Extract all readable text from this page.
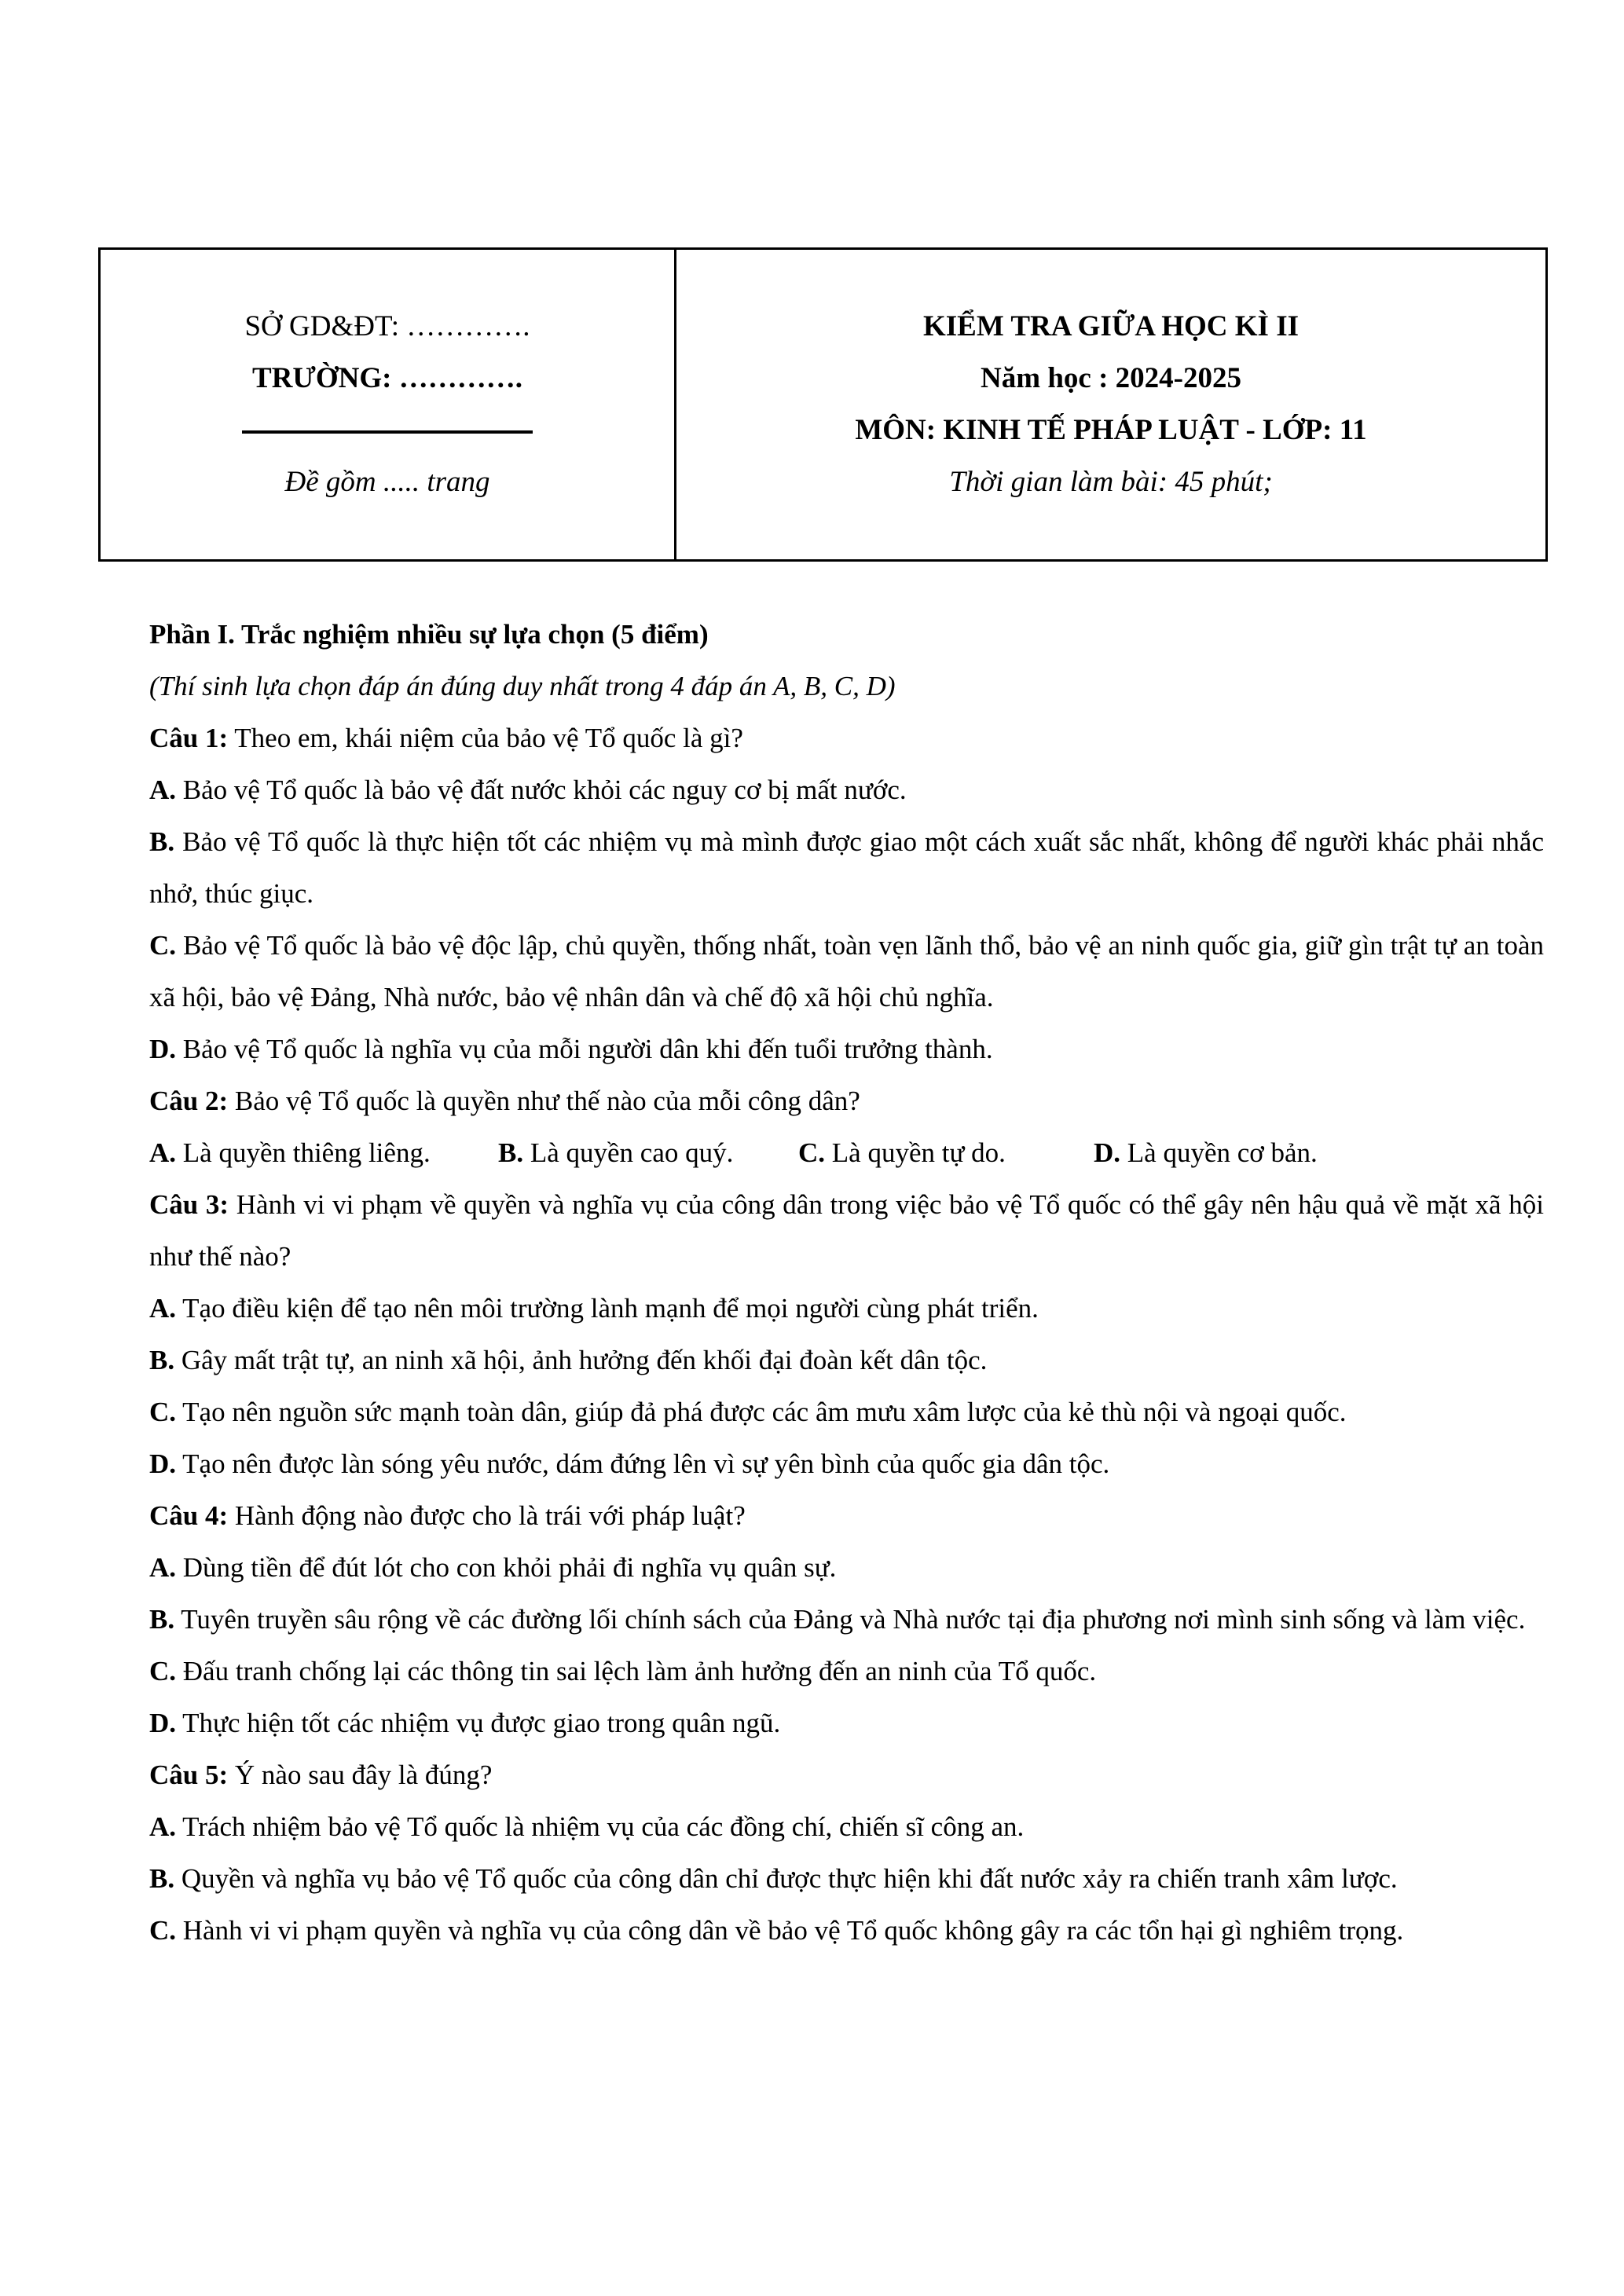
SỞ GD&ĐT: ………….
TRƯỜNG: ………….
Đề gồm ..... trang
KIỂM TRA GIỮA HỌC KÌ II
Năm học : 2024-2025
MÔN: KINH TẾ PHÁP LUẬT - LỚP: 11
Thời gian làm bài: 45 phút;

Phần I. Trắc nghiệm nhiều sự lựa chọn (5 điểm)

(Thí sinh lựa chọn đáp án đúng duy nhất trong 4 đáp án A, B, C, D)

Câu 1: Theo em, khái niệm của bảo vệ Tổ quốc là gì?

A. Bảo vệ Tổ quốc là bảo vệ đất nước khỏi các nguy cơ bị mất nước.

B. Bảo vệ Tổ quốc là thực hiện tốt các nhiệm vụ mà mình được giao một cách xuất sắc nhất, không để người khác phải nhắc nhở, thúc giục.

C. Bảo vệ Tổ quốc là bảo vệ độc lập, chủ quyền, thống nhất, toàn vẹn lãnh thổ, bảo vệ an ninh quốc gia, giữ gìn trật tự an toàn xã hội, bảo vệ Đảng, Nhà nước, bảo vệ nhân dân và chế độ xã hội chủ nghĩa.

D. Bảo vệ Tổ quốc là nghĩa vụ của mỗi người dân khi đến tuổi trưởng thành.

Câu 2: Bảo vệ Tổ quốc là quyền như thế nào của mỗi công dân?

A. Là quyền thiêng liêng. B. Là quyền cao quý. C. Là quyền tự do.	D. Là quyền cơ bản.

Câu 3: Hành vi vi phạm về quyền và nghĩa vụ của công dân trong việc bảo vệ Tổ quốc có thể gây nên hậu quả về mặt xã hội như thế nào?

A. Tạo điều kiện để tạo nên môi trường lành mạnh để mọi người cùng phát triển.

B. Gây mất trật tự, an ninh xã hội, ảnh hưởng đến khối đại đoàn kết dân tộc.

C. Tạo nên nguồn sức mạnh toàn dân, giúp đả phá được các âm mưu xâm lược của kẻ thù nội và ngoại quốc.

D. Tạo nên được làn sóng yêu nước, dám đứng lên vì sự yên bình của quốc gia dân tộc.

Câu 4: Hành động nào được cho là trái với pháp luật?

A. Dùng tiền để đút lót cho con khỏi phải đi nghĩa vụ quân sự.

B. Tuyên truyền sâu rộng về các đường lối chính sách của Đảng và Nhà nước tại địa phương nơi mình sinh sống và làm việc.

C. Đấu tranh chống lại các thông tin sai lệch làm ảnh hưởng đến an ninh của Tổ quốc.

D. Thực hiện tốt các nhiệm vụ được giao trong quân ngũ.

Câu 5: Ý nào sau đây là đúng?

A. Trách nhiệm bảo vệ Tổ quốc là nhiệm vụ của các đồng chí, chiến sĩ công an.

B. Quyền và nghĩa vụ bảo vệ Tổ quốc của công dân chỉ được thực hiện khi đất nước xảy ra chiến tranh xâm lược.

C. Hành vi vi phạm quyền và nghĩa vụ của công dân về bảo vệ Tổ quốc không gây ra các tổn hại gì nghiêm trọng.
